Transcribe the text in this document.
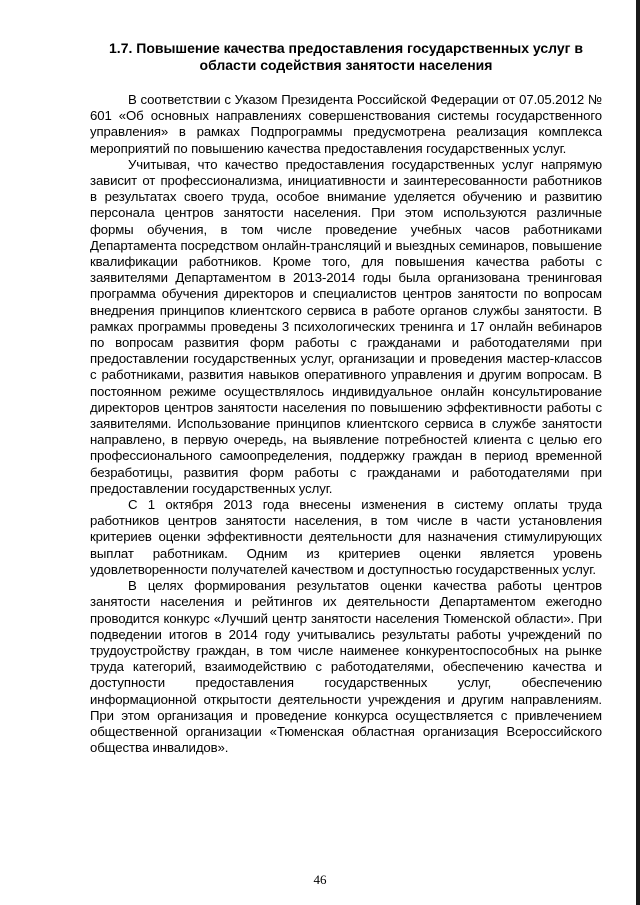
1.7. Повышение качества предоставления государственных услуг в
области содействия занятости населения

В соответствии с Указом Президента Российской Федерации от 07.05.2012 № 601 «Об основных направлениях совершенствования системы государственного управления» в рамках Подпрограммы предусмотрена реализация комплекса мероприятий по повышению качества предоставления государственных услуг.

Учитывая, что качество предоставления государственных услуг напрямую зависит от профессионализма, инициативности и заинтересованности работников в результатах своего труда, особое внимание уделяется обучению и развитию персонала центров занятости населения. При этом используются различные формы обучения, в том числе проведение учебных часов работниками Департамента посредством онлайн-трансляций и выездных семинаров, повышение квалификации работников. Кроме того, для повышения качества работы с заявителями Департаментом в 2013-2014 годы была организована тренинговая программа обучения директоров и специалистов центров занятости по вопросам внедрения принципов клиентского сервиса в работе органов службы занятости. В рамках программы проведены 3 психологических тренинга и 17 онлайн вебинаров по вопросам развития форм работы с гражданами и работодателями при предоставлении государственных услуг, организации и проведения мастер-классов с работниками, развития навыков оперативного управления и другим вопросам. В постоянном режиме осуществлялось индивидуальное онлайн консультирование директоров центров занятости населения по повышению эффективности работы с заявителями. Использование принципов клиентского сервиса в службе занятости направлено, в первую очередь, на выявление потребностей клиента с целью его профессионального самоопределения, поддержку граждан в период временной безработицы, развития форм работы с гражданами и работодателями при предоставлении государственных услуг.

С 1 октября 2013 года внесены изменения в систему оплаты труда работников центров занятости населения, в том числе в части установления критериев оценки эффективности деятельности для назначения стимулирующих выплат работникам. Одним из критериев оценки является уровень удовлетворенности получателей качеством и доступностью государственных услуг.

В целях формирования результатов оценки качества работы центров занятости населения и рейтингов их деятельности Департаментом ежегодно проводится конкурс «Лучший центр занятости населения Тюменской области». При подведении итогов в 2014 году учитывались результаты работы учреждений по трудоустройству граждан, в том числе наименее конкурентоспособных на рынке труда категорий, взаимодействию с работодателями, обеспечению качества и доступности предоставления государственных услуг, обеспечению информационной открытости деятельности учреждения и другим направлениям. При этом организация и проведение конкурса осуществляется с привлечением общественной организации «Тюменская областная организация Всероссийского общества инвалидов».

46
